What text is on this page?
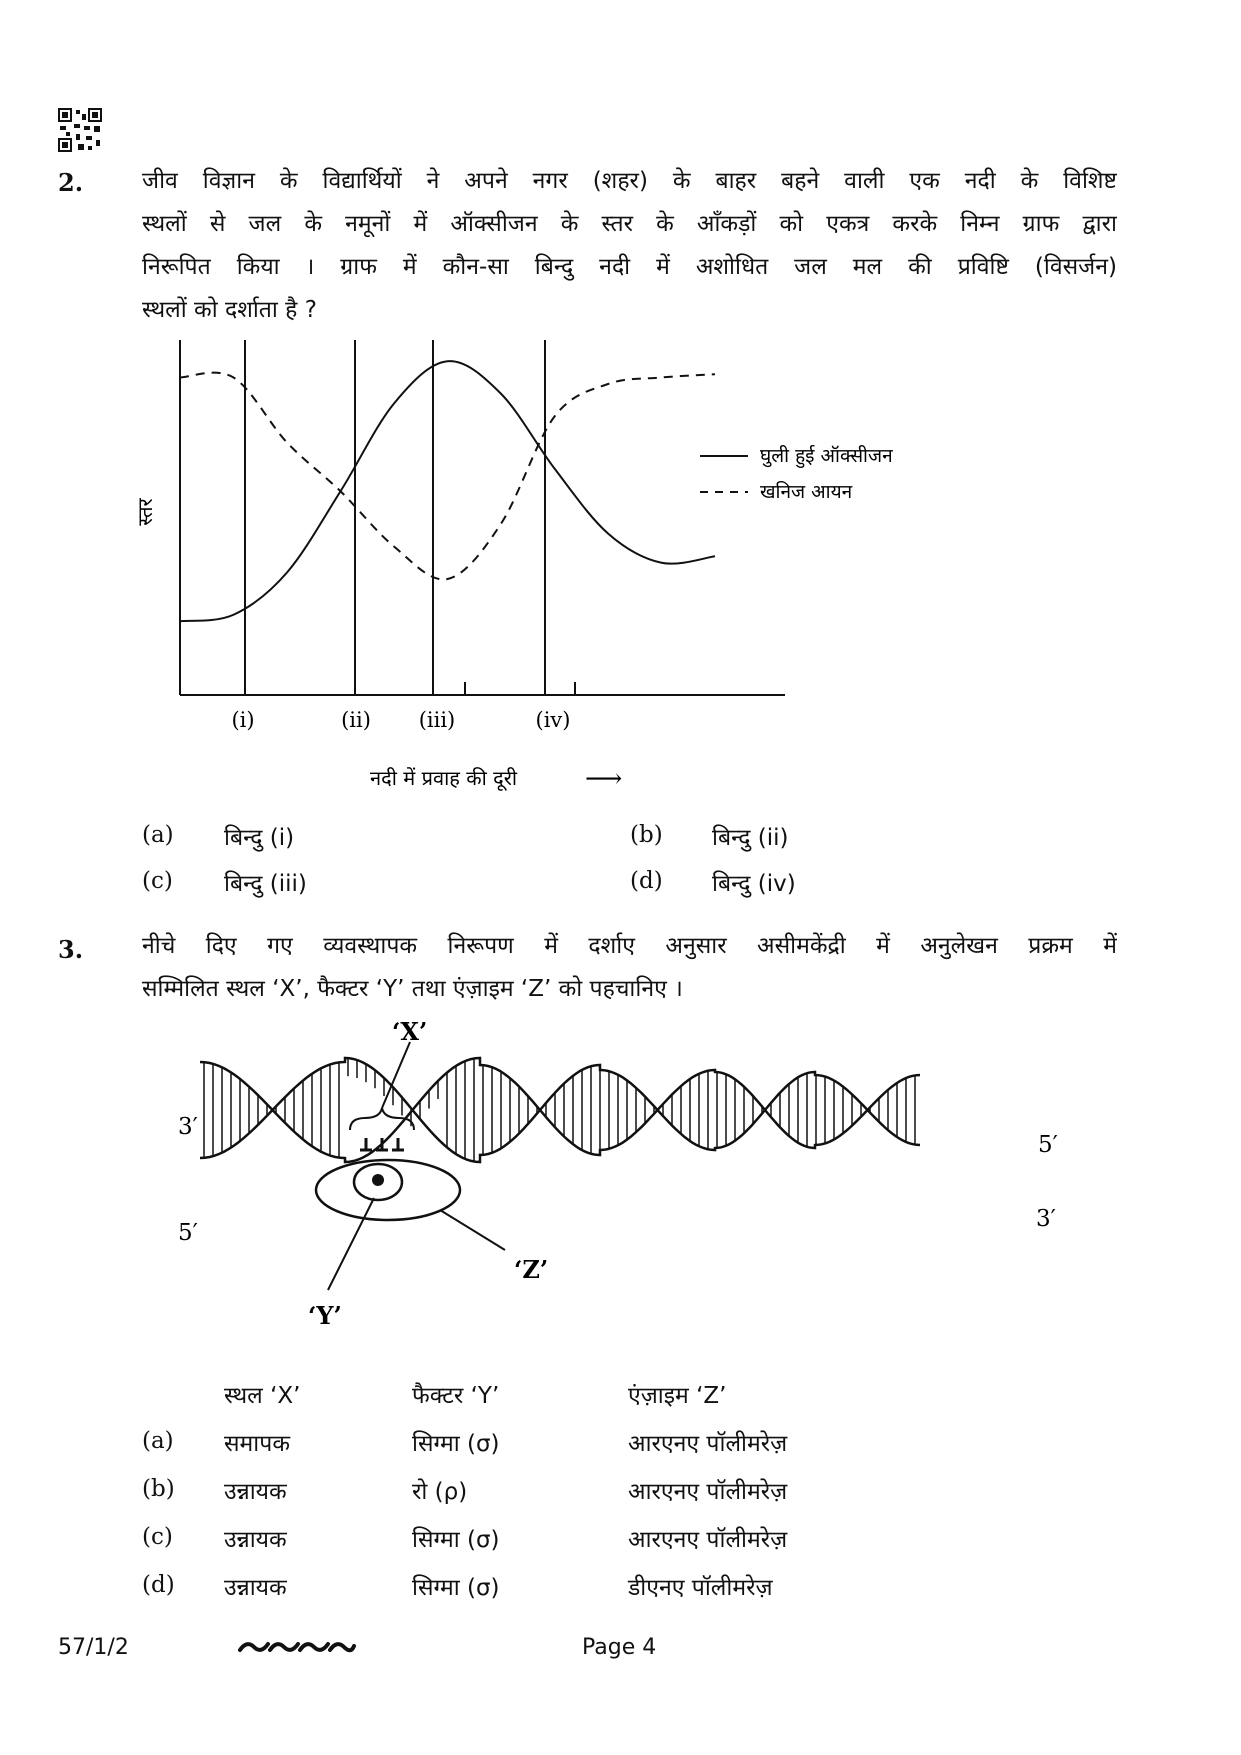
2.	जीव विज्ञान के विद्यार्थियों ने अपने नगर (शहर) के बाहर बहने वाली एक नदी के विशिष्ट
स्थलों से जल के नमूनों में ऑक्सीजन के स्तर के आँकड़ों को एकत्र करके निम्न ग्राफ द्वारा
निरूपित किया । ग्राफ में कौन-सा बिन्दु नदी में अशोधित जल मल की प्रविष्टि (विसर्जन)
स्थलों को दर्शाता है ?
(i)	(ii) (iii)	(iv)
स्तर
नदी में प्रवाह की दूरी	⟶
घुली हुई ऑक्सीजन
खनिज आयन
(a) बिन्दु (i)	(b) बिन्दु (ii)
(c) बिन्दु (iii)	(d) बिन्दु (iv)
3.	नीचे दिए गए व्यवस्थापक निरूपण में दर्शाए अनुसार असीमकेंद्री में अनुलेखन प्रक्रम में
सम्मिलित स्थल ‘X’, फैक्टर ‘Y’ तथा एंज़ाइम ‘Z’ को पहचानिए ।
‘X’
‘Y’
‘Z’
3′
5′
5′
3′
स्थल ‘X’	फैक्टर ‘Y’	एंज़ाइम ‘Z’
(a) समापक	सिग्मा (σ)	आरएनए पॉलीमरेज़
(b) उन्नायक	रो (ρ)	आरएनए पॉलीमरेज़
(c) उन्नायक	सिग्मा (σ)	आरएनए पॉलीमरेज़
(d) उन्नायक	सिग्मा (σ)	डीएनए पॉलीमरेज़
57/1/2	Page 4
